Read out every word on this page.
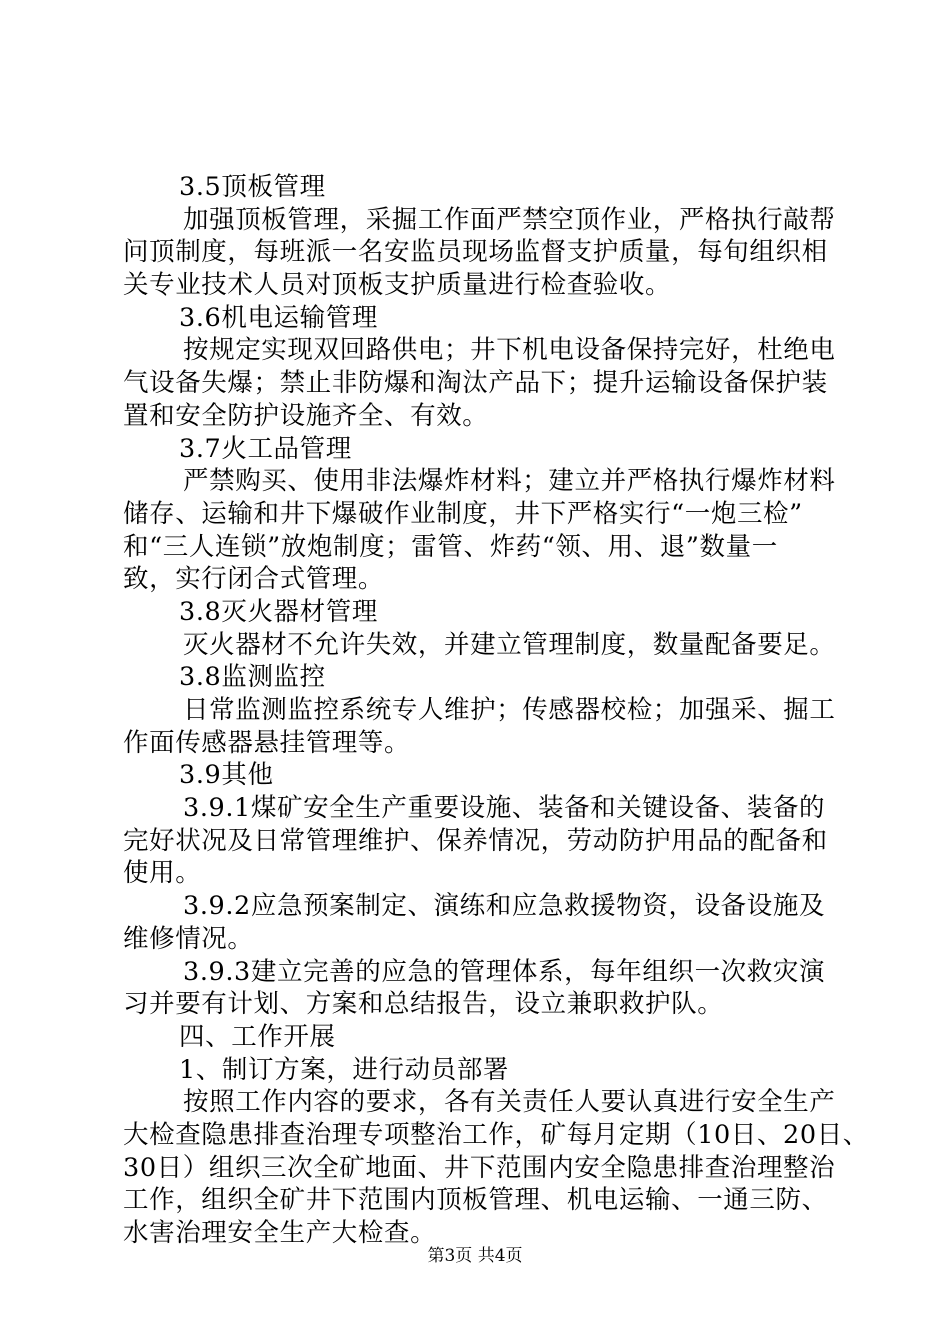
3.5顶板管理
加强顶板管理，采掘工作面严禁空顶作业，严格执行敲帮
问顶制度，每班派一名安监员现场监督支护质量，每旬组织相
关专业技术人员对顶板支护质量进行检查验收。
3.6机电运输管理
按规定实现双回路供电；井下机电设备保持完好，杜绝电
气设备失爆；禁止非防爆和淘汰产品下；提升运输设备保护装
置和安全防护设施齐全、有效。
3.7火工品管理
严禁购买、使用非法爆炸材料；建立并严格执行爆炸材料
储存、运输和井下爆破作业制度，井下严格实行“一炮三检”
和“三人连锁”放炮制度；雷管、炸药“领、用、退”数量一
致，实行闭合式管理。
3.8灭火器材管理
灭火器材不允许失效，并建立管理制度，数量配备要足。
3.8监测监控
日常监测监控系统专人维护；传感器校检；加强采、掘工
作面传感器悬挂管理等。
3.9其他
3.9.1煤矿安全生产重要设施、装备和关键设备、装备的
完好状况及日常管理维护、保养情况，劳动防护用品的配备和
使用。
3.9.2应急预案制定、演练和应急救援物资，设备设施及
维修情况。
3.9.3建立完善的应急的管理体系，每年组织一次救灾演
习并要有计划、方案和总结报告，设立兼职救护队。
四、工作开展
1、制订方案，进行动员部署
按照工作内容的要求，各有关责任人要认真进行安全生产
大检查隐患排查治理专项整治工作，矿每月定期（10日、20日、
30日）组织三次全矿地面、井下范围内安全隐患排查治理整治
工作，组织全矿井下范围内顶板管理、机电运输、一通三防、
水害治理安全生产大检查。
第3页 共4页
